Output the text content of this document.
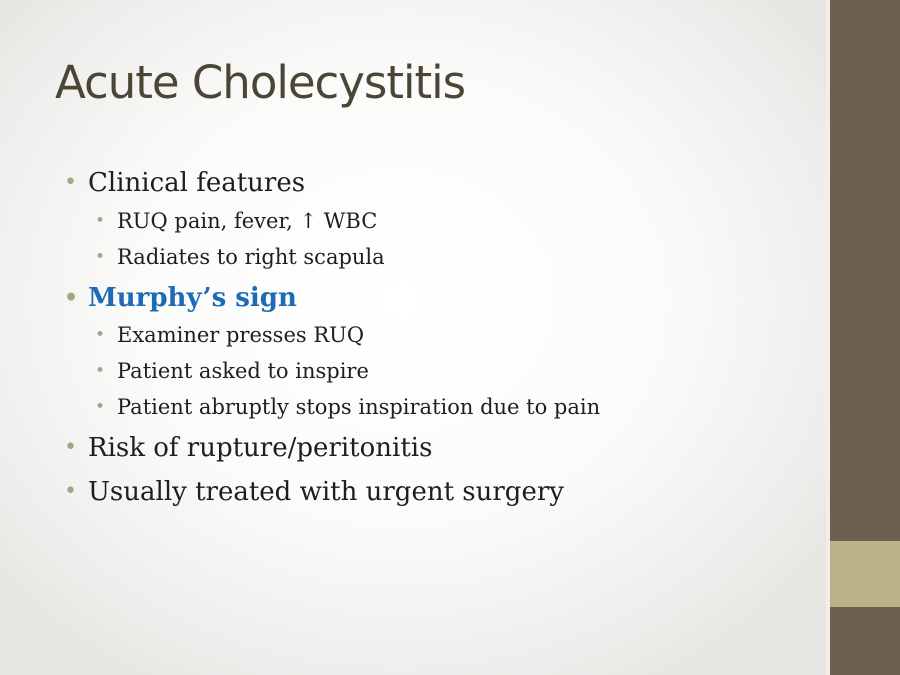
Acute Cholecystitis
• Clinical features
• RUQ pain, fever, ↑ WBC
• Radiates to right scapula
• Murphy’s sign
• Examiner presses RUQ
• Patient asked to inspire
• Patient abruptly stops inspiration due to pain
• Risk of rupture/peritonitis
• Usually treated with urgent surgery
